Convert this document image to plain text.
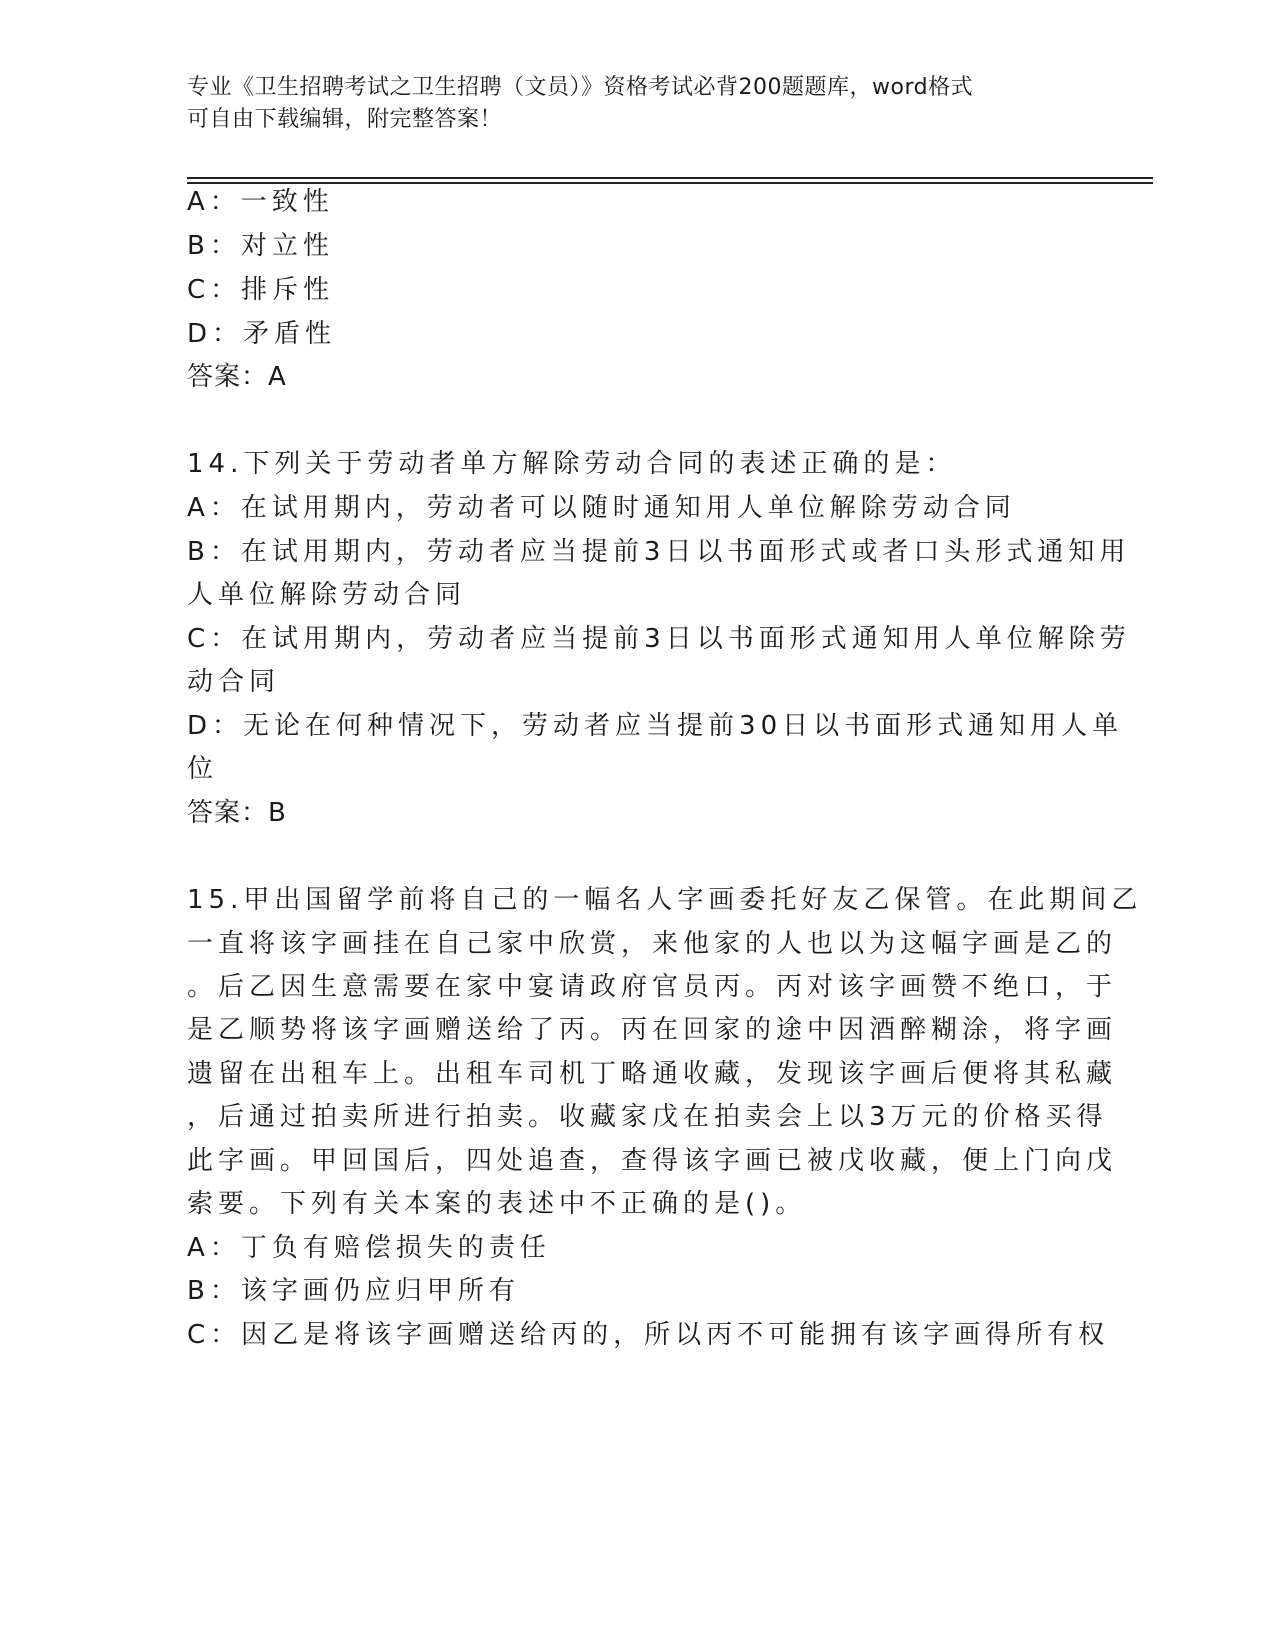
专业《卫生招聘考试之卫生招聘（文员）》资格考试必背200题题库，word格式
可自由下载编辑，附完整答案！
A：一致性
B：对立性
C：排斥性
D：矛盾性
答案：A
14.下列关于劳动者单方解除劳动合同的表述正确的是：
A：在试用期内，劳动者可以随时通知用人单位解除劳动合同
B：在试用期内，劳动者应当提前3日以书面形式或者口头形式通知用
人单位解除劳动合同
C：在试用期内，劳动者应当提前3日以书面形式通知用人单位解除劳
动合同
D：无论在何种情况下，劳动者应当提前30日以书面形式通知用人单
位
答案：B
15.甲出国留学前将自己的一幅名人字画委托好友乙保管。在此期间乙
一直将该字画挂在自己家中欣赏，来他家的人也以为这幅字画是乙的
。后乙因生意需要在家中宴请政府官员丙。丙对该字画赞不绝口，于
是乙顺势将该字画赠送给了丙。丙在回家的途中因酒醉糊涂，将字画
遗留在出租车上。出租车司机丁略通收藏，发现该字画后便将其私藏
，后通过拍卖所进行拍卖。收藏家戊在拍卖会上以3万元的价格买得
此字画。甲回国后，四处追查，查得该字画已被戊收藏，便上门向戊
索要。下列有关本案的表述中不正确的是()。
A：丁负有赔偿损失的责任
B：该字画仍应归甲所有
C：因乙是将该字画赠送给丙的，所以丙不可能拥有该字画得所有权
